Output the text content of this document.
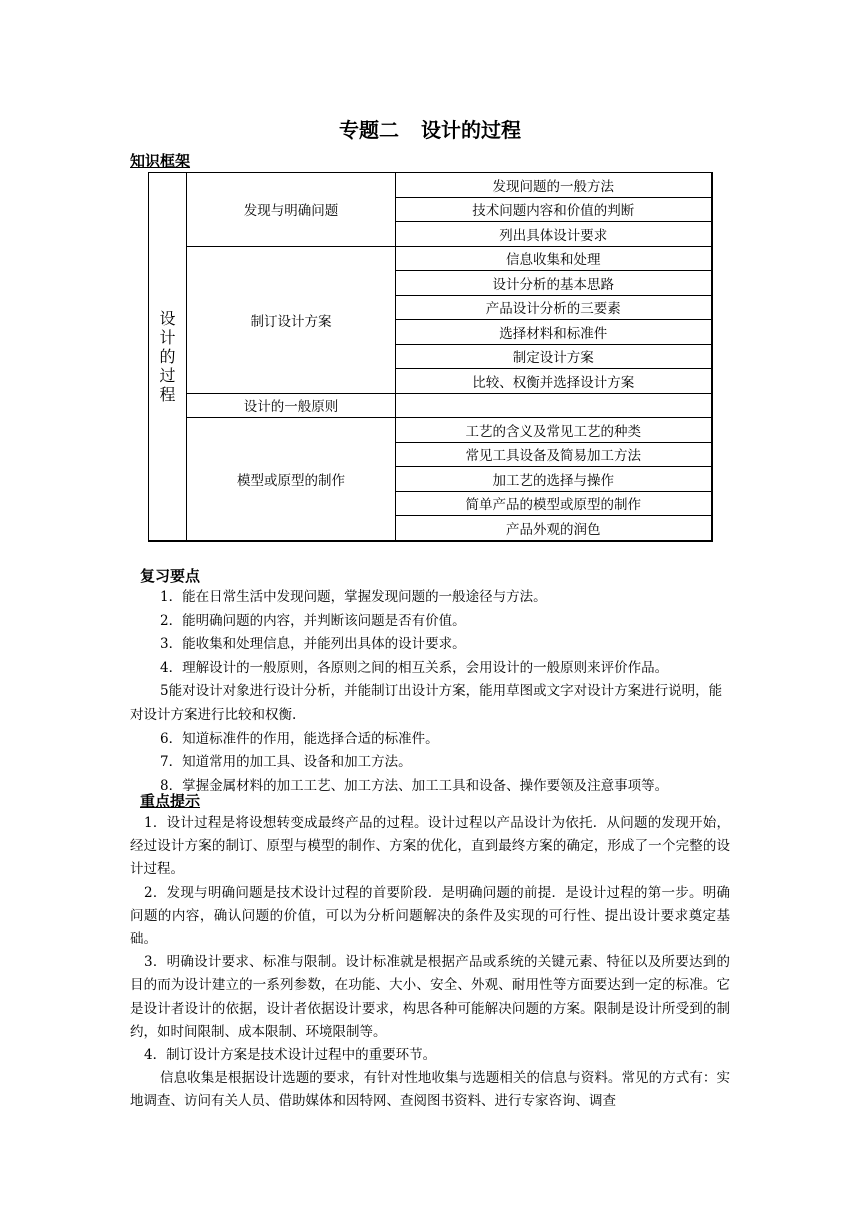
专题二 设计的过程
知识框架
设
计
的
过
程	发现与明确问题	发现问题的一般方法
		技术问题内容和价值的判断
		列出具体设计要求
	制订设计方案	信息收集和处理
		设计分析的基本思路
		产品设计分析的三要素
		选择材料和标准件
		制定设计方案
		比较、权衡并选择设计方案
	设计的一般原则	
	模型或原型的制作	工艺的含义及常见工艺的种类
		常见工具设备及简易加工方法
		加工艺的选择与操作
		简单产品的模型或原型的制作
		产品外观的润色
复习要点

1．能在日常生活中发现问题，掌握发现问题的一般途径与方法。

2．能明确问题的内容，并判断该问题是否有价值。

3．能收集和处理信息，并能列出具体的设计要求。

4．理解设计的一般原则，各原则之间的相互关系，会用设计的一般原则来评价作品。

5能对设计对象进行设计分析，并能制订出设计方案，能用草图或文字对设计方案进行说明，能对设计方案进行比较和权衡.

6．知道标准件的作用，能选择合适的标准件。

7．知道常用的加工具、设备和加工方法。

8．掌握金属材料的加工工艺、加工方法、加工工具和设备、操作要领及注意事项等。

重点提示

1．设计过程是将设想转变成最终产品的过程。设计过程以产品设计为依托．从问题的发现开始，经过设计方案的制订、原型与模型的制作、方案的优化，直到最终方案的确定，形成了一个完整的设计过程。

2．发现与明确问题是技术设计过程的首要阶段．是明确问题的前提．是设计过程的第一步。明确问题的内容，确认问题的价值，可以为分析问题解决的条件及实现的可行性、提出设计要求奠定基础。

3．明确设计要求、标准与限制。设计标准就是根据产品或系统的关键元素、特征以及所要达到的目的而为设计建立的一系列参数，在功能、大小、安全、外观、耐用性等方面要达到一定的标准。它是设计者设计的依据，设计者依据设计要求，构思各种可能解决问题的方案。限制是设计所受到的制约，如时间限制、成本限制、环境限制等。

4．制订设计方案是技术设计过程中的重要环节。

信息收集是根据设计选题的要求，有针对性地收集与选题相关的信息与资料。常见的方式有：实地调查、访问有关人员、借助媒体和因特网、查阅图书资料、进行专家咨询、调查
